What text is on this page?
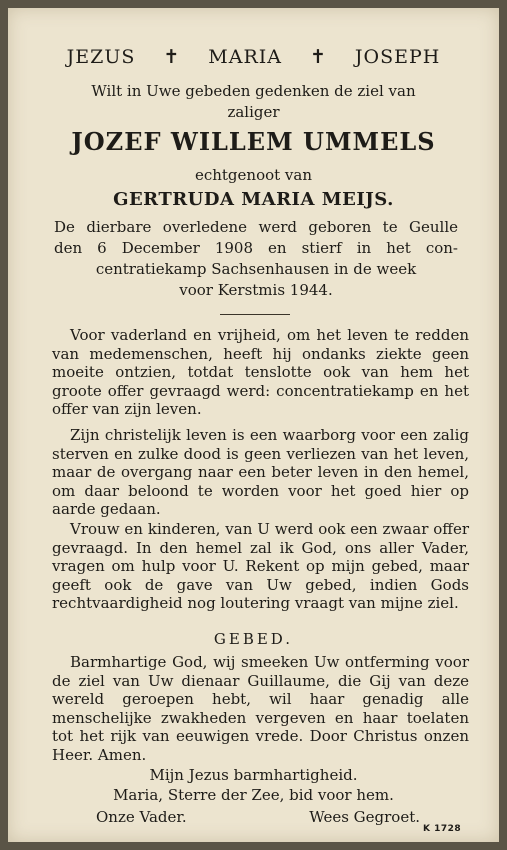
JEZUS ✝ MARIA ✝ JOSEPH
Wilt in Uwe gebeden gedenken de ziel van
zaliger
JOZEF WILLEM UMMELS
echtgenoot van
GERTRUDA MARIA MEIJS.
De dierbare overledene werd geboren te Geulle
den 6 December 1908 en stierf in het con-
centratiekamp Sachsenhausen in de week
voor Kerstmis 1944.

Voor vaderland en vrijheid, om het leven te redden van medemenschen, heeft hij ondanks ziekte geen moeite ontzien, totdat tenslotte ook van hem het groote offer gevraagd werd: concentratiekamp en het offer van zijn leven.

Zijn christelijk leven is een waarborg voor een zalig sterven en zulke dood is geen verliezen van het leven, maar de overgang naar een beter leven in den hemel, om daar beloond te worden voor het goed hier op aarde gedaan.

Vrouw en kinderen, van U werd ook een zwaar offer gevraagd. In den hemel zal ik God, ons aller Vader, vragen om hulp voor U. Rekent op mijn gebed, maar geeft ook de gave van Uw gebed, indien Gods rechtvaardigheid nog loutering vraagt van mijne ziel.

GEBED.

Barmhartige God, wij smeeken Uw ontferming voor de ziel van Uw dienaar Guillaume, die Gij van deze wereld geroepen hebt, wil haar genadig alle menschelijke zwakheden vergeven en haar toelaten tot het rijk van eeuwigen vrede. Door Christus onzen Heer. Amen.

Mijn Jezus barmhartigheid.
Maria, Sterre der Zee, bid voor hem.
Onze Vader.	Wees Gegroet.
K 1728
